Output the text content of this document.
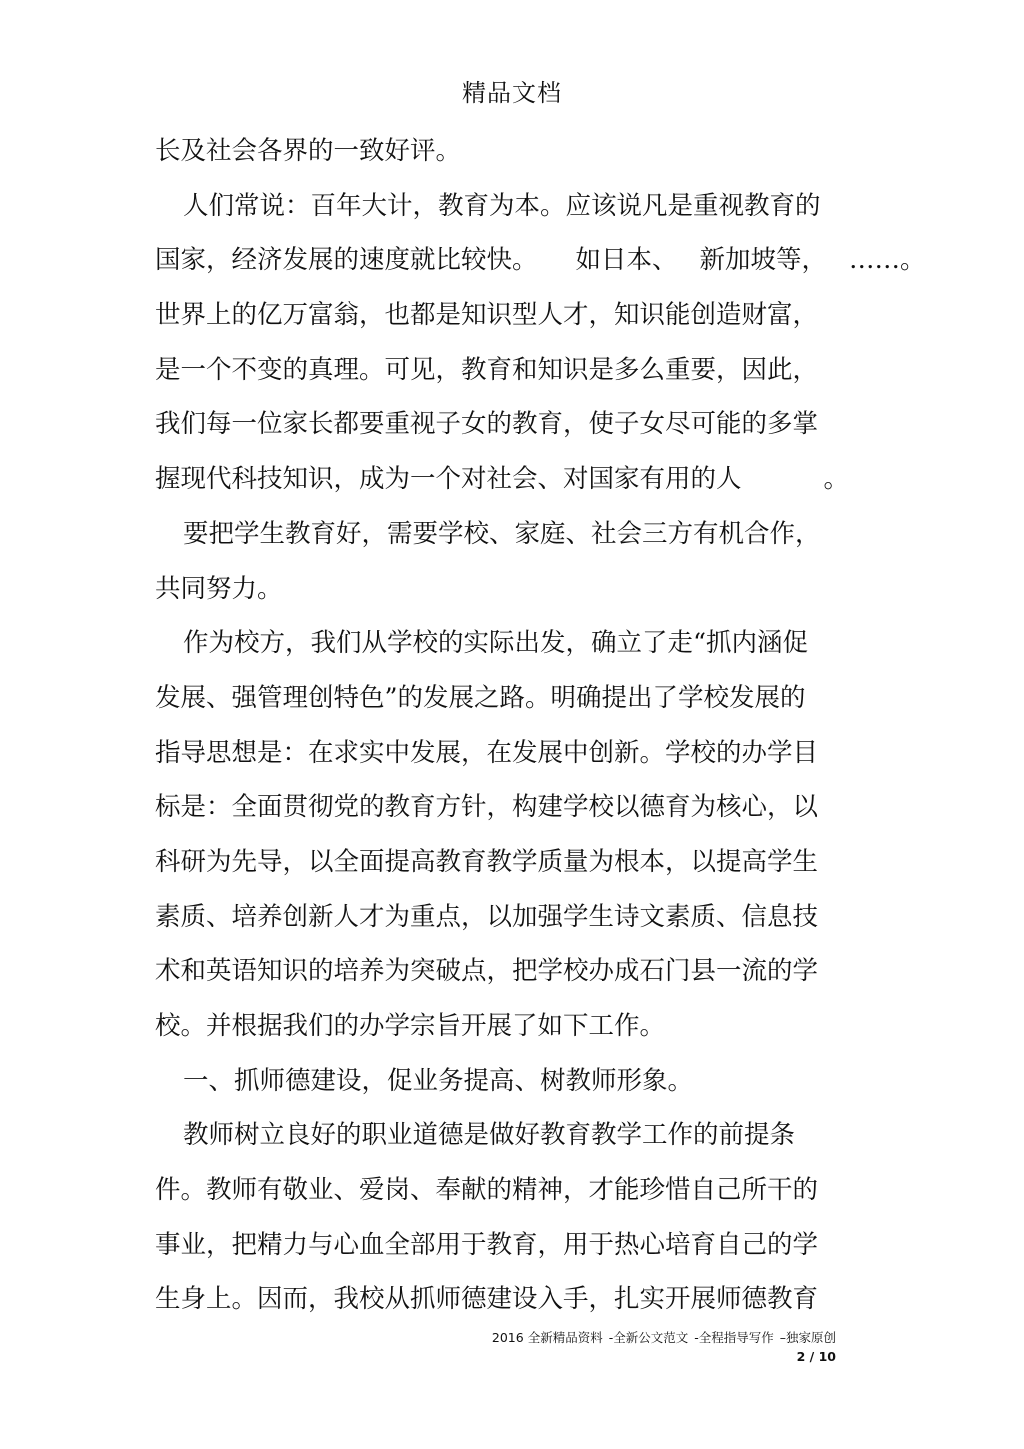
精品文档
长及社会各界的一致好评。
人们常说：百年大计，教育为本。应该说凡是重视教育的
国家，经济发展的速度就比较快。 如日本、 新加坡等， ……。
世界上的亿万富翁，也都是知识型人才，知识能创造财富，
是一个不变的真理。可见，教育和知识是多么重要，因此，
我们每一位家长都要重视子女的教育，使子女尽可能的多掌
握现代科技知识，成为一个对社会、对国家有用的人	。
要把学生教育好，需要学校、家庭、社会三方有机合作，
共同努力。
作为校方，我们从学校的实际出发，确立了走“抓内涵促
发展、强管理创特色”的发展之路。明确提出了学校发展的
指导思想是：在求实中发展，在发展中创新。学校的办学目
标是：全面贯彻党的教育方针，构建学校以德育为核心，以
科研为先导，以全面提高教育教学质量为根本，以提高学生
素质、培养创新人才为重点，以加强学生诗文素质、信息技
术和英语知识的培养为突破点，把学校办成石门县一流的学
校。并根据我们的办学宗旨开展了如下工作。
一、抓师德建设，促业务提高、树教师形象。
教师树立良好的职业道德是做好教育教学工作的前提条
件。教师有敬业、爱岗、奉献的精神，才能珍惜自己所干的
事业，把精力与心血全部用于教育，用于热心培育自己的学
生身上。因而，我校从抓师德建设入手，扎实开展师德教育
2016 全新精品资料 -全新公文范文 -全程指导写作 –独家原创
2 / 10
